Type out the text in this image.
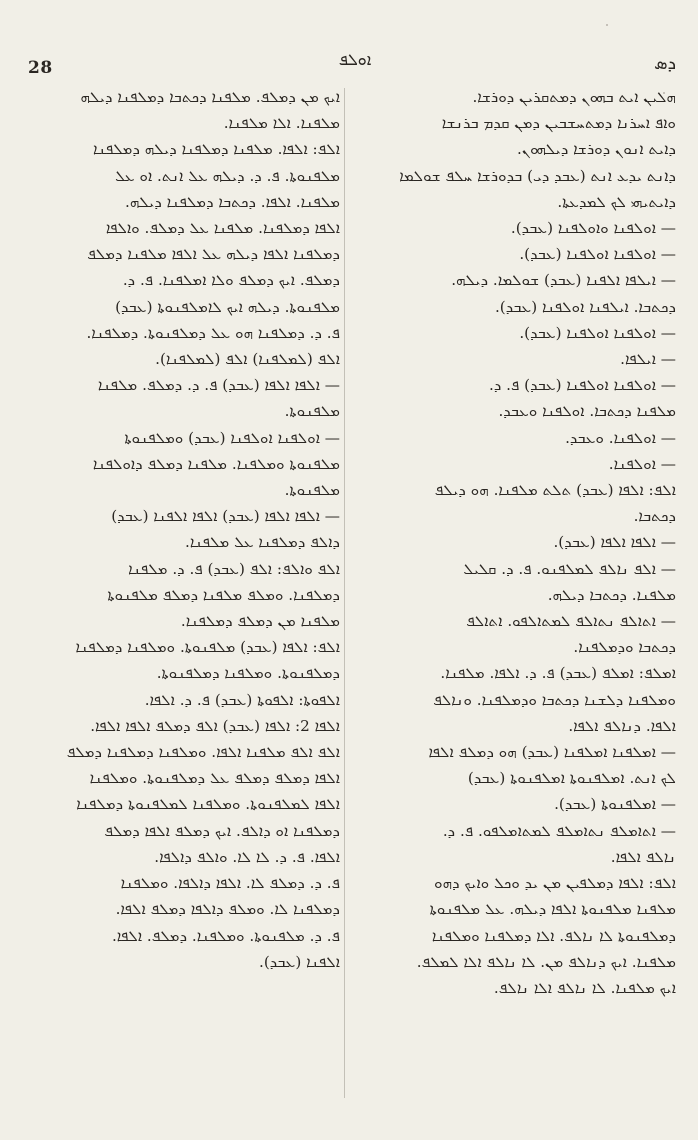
28	ܐܘܠܦ	ܕܣ

ܗܠܝܢ ܐܝܬ ܒܗܘܢ ܕܡܬܩܪܝܢ ܕܘܪܫܐ.

ܘܐܦ ܐܚܪܢܐ ܕܡܬܚܫܒܝܢ ܕܡܢ ܩܕܡ ܒܪܢܫܐ

ܕܐܝܬ ܐܢܘܢ ܕܘܪܫܐ ܕܝܠܗܘܢ.

ܕܐܢܬ ܝܕܥ ܐܢܬ (ܥܒܕ ܕܝ) ܒܕܘܪܫܐ ܚܠܦ ܫܘܠܡܐ

ܕܐܝܬܝܗܝ ܠܟ ܠܡܕܥܬܐ.

— ܐܘܠܦܢܐ ܘܐܘܠܦܢܐ (ܥܒܕ).

— ܐܘܠܦܢܐ ܐܘܠܦܢܐ (ܥܒܕ).

— ܐܝܠܦܐ ܐܠܦܢܐ (ܥܒܕ) ܫܘܠܡܐ. ܕܝܠܗ.

ܕܟܬܒܐ. ܐܝܠܦܢܐ ܐܘܠܦܢܐ (ܥܒܕ).

— ܐܘܠܦܢܐ ܐܘܠܦܢܐ (ܥܒܕ).

— ܐܝܠܦܐ.

— ܐܘܠܦܢܐ ܐܘܠܦܢܐ (ܥܒܕ) ܦ. ܕ.

ܡܠܦܢܐ ܕܟܬܒܐ. ܐܘܠܦܢܐ ܘܥܒܕ.

— ܐܘܠܦܢܐ. ܘܥܒܕ.

— ܐܘܠܦܢܐ.

ܐܠܦ: ܐܠܦܐ (ܥܒܕ) ܬܠܬ ܡܠܦܢܐ. ܗܘ ܕܝܠܦ

ܕܟܬܒܐ.

— ܐܠܦܐ ܐܠܦܐ (ܥܒܕ).

— ܐܠܦ ܢܐܠܦ ܠܡܠܦܢܘ. ܦ. ܕ. ܩܠܝܠ

ܡܠܦܢܐ. ܕܟܬܒܐ ܕܝܠܗ.

— ܐܬܐܠܦ ܢܬܐܠܦ ܠܡܬܐܠܦܘ. ܐܬܐܠܦ

ܕܟܬܒܐ ܘܕܡܠܦܢܐ.

ܐܡܠܦ: ܐܡܠܦ (ܥܒܕ) ܦ. ܕ. ܐܠܦܐ. ܡܠܦܢܐ.

ܘܡܠܦܢܐ ܕܠܫܢܐ ܕܟܬܒܐ ܘܕܡܠܦܢܐ. ܘܢܐܠܦ

ܐܠܦܐ. ܕܢܐܠܦ ܐܠܦܐ.

— ܐܡܠܦܢܐ ܐܡܠܦܢܐ (ܥܒܕ) ܗܘ ܕܡܠܦ ܐܠܦܐ

ܠܟ ܐܢܬ. ܐܡܠܦܢܘܬܐ ܐܡܠܦܢܘܬܐ (ܥܒܕ)

— ܐܡܠܦܢܘܬܐ (ܥܒܕ).

— ܐܬܐܡܠܦ ܢܬܐܡܠܦ ܠܡܬܐܡܠܦܘ. ܦ. ܕ.

ܢܐܠܦ ܐܠܦܐ.

ܐܠܦ: ܐܠܦܐ ܕܡܠܦܝܢ ܡܢ ܝܕ ܘܟܠ ܘܐܝܟ ܕܗܘ

ܡܠܦܢܐ ܡܠܦܢܘܬܐ ܐܠܦܐ ܕܝܠܗ. ܥܠ ܡܠܦܢܘܬܐ

ܕܡܠܦܢܘܬܐ ܠܐ ܢܐܠܦ. ܐܠܐ ܕܡܠܦܢܐ ܘܡܠܦܢܐ

ܡܠܦܢܐ. ܐܝܟ ܕܢܐܠܦ ܡܢ. ܠܐ ܢܐܠܦ ܐܠܐ ܠܡܠܦ.

ܐܝܟ ܡܠܦܢܐ. ܠܐ ܢܐܠܦ ܐܠܐ ܢܐܠܦ.

ܐܝܟ ܡܢ ܕܡܠܦ. ܡܠܦܢܐ ܕܟܬܒܐ ܕܡܠܦܢܐ ܕܝܠܗ

ܡܠܦܢܐ. ܐܠܐ ܡܠܦܢܐ.

ܐܠܦ: ܐܠܦܐ. ܡܠܦܢܐ ܕܡܠܦܢܐ ܕܝܠܗ ܕܡܠܦܢܐ

ܡܠܦܢܘܬܐ. ܦ. ܕ. ܕܝܠܗ ܥܠ ܐܢܬ. ܐܘ ܥܠ

ܡܠܦܢܐ. ܐܠܦܐ. ܕܟܬܒܐ ܕܡܠܦܢܐ ܕܝܠܗ.

ܐܠܦܐ ܕܡܠܦܢܐ. ܡܠܦܢܐ ܥܠ ܕܡܠܦ. ܘܐܠܦܐ

ܕܡܠܦܢܐ ܐܠܦܐ ܕܝܠܗ ܥܠ ܐܠܦܐ ܡܠܦܢܐ ܕܡܠܦ

ܕܡܠܦ. ܐܝܟ ܕܡܠܦ ܘܠܐ ܐܡܠܦܢܐ. ܦ. ܕ.

ܡܠܦܢܘܬܐ. ܕܝܠܗ ܐܝܟ ܠܐܡܠܦܢܘܬܐ (ܥܒܕ)

ܦ. ܕ. ܕܡܠܦܢܐ ܗܘ ܥܠ ܕܡܠܦܢܘܬܐ. ܕܡܠܦܢܐ.

ܐܠܦ (ܠܡܠܦܢܐ) ܐܠܦ (ܠܡܠܦܢܐ).

— ܐܠܦܐ ܐܠܦܐ (ܥܒܕ) ܦ. ܕ. ܕܡܠܦ. ܡܠܦܢܐ

ܡܠܦܢܘܬܐ.

— ܐܘܠܦܢܐ ܐܘܠܦܢܐ (ܥܒܕ) ܘܡܠܦܢܘܬܐ

ܡܠܦܢܘܬܐ ܘܡܠܦܢܐ. ܡܠܦܢܐ ܕܡܠܦ ܕܐܘܠܦܢܐ

ܡܠܦܢܘܬܐ.

— ܐܠܦܐ ܐܠܦܐ (ܥܒܕ) ܐܠܦܐ ܐܠܦܢܐ (ܥܒܕ)

ܕܐܠܦ ܕܡܠܦܢܐ ܥܠ ܡܠܦܢܐ.

ܐܠܦ ܘܐܠܦ: ܐܠܦ (ܥܒܕ) ܦ. ܕ. ܡܠܦܢܐ

ܕܡܠܦܢܐ. ܘܡܠܦ ܡܠܦܢܐ ܕܡܠܦ ܡܠܦܢܘܬܐ

ܡܠܦܢܐ ܡܢ ܕܡܠܦ ܕܡܠܦܢܐ.

ܐܠܦ: ܐܠܦܐ (ܥܒܕ) ܡܠܦܢܘܬܐ. ܘܡܠܦܢܐ ܕܡܠܦܢܐ

ܕܡܠܦܢܘܬܐ. ܘܡܠܦܢܐ ܕܡܠܦܢܘܬܐ.

ܐܠܦܘܬܐ: ܐܠܦܘܬܐ (ܥܒܕ) ܦ. ܕ. ܐܠܦܐ.

ܐܠܦܐ 2: ܐܠܦܐ (ܥܒܕ) ܐܠܦ ܕܡܠܦ ܐܠܦܐ ܐܠܦܐ.

ܐܠܦ ܐܠܦ ܡܠܦܢܐ ܐܠܦܐ. ܘܡܠܦܢܐ ܕܡܠܦܢܐ ܕܡܠܦ

ܐܠܦܐ ܕܡܠܦ ܕܡܠܦ ܥܠ ܕܡܠܦܢܘܬܐ. ܘܡܠܦܢܐ

ܐܠܦܐ ܠܡܠܦܢܘܬܐ. ܘܡܠܦܢܐ ܠܡܠܦܢܘܬܐ ܕܡܠܦܢܐ

ܕܡܠܦܢܐ ܐܘ ܕܐܠܦ. ܐܝܟ ܕܡܠܦ ܐܠܦܐ ܕܡܠܦ

ܐܠܦܐ. ܦ. ܕ. ܠܐ ܠܐ. ܘܐܠܦ ܕܐܠܦܐ.

ܦ. ܕ. ܕܡܠܦ ܠܐ. ܐܠܦܐ ܕܐܠܦܐ. ܘܡܠܦܢܐ

ܕܡܠܦܢܐ ܠܐ. ܘܡܠܦ ܕܐܠܦܐ ܕܡܠܦ ܐܠܦܐ.

ܦ. ܕ. ܡܠܦܢܘܬܐ. ܘܡܠܦܢܐ. ܕܡܠܦ. ܐܠܦܐ.

ܐܠܦܢܐ (ܥܒܕ).
